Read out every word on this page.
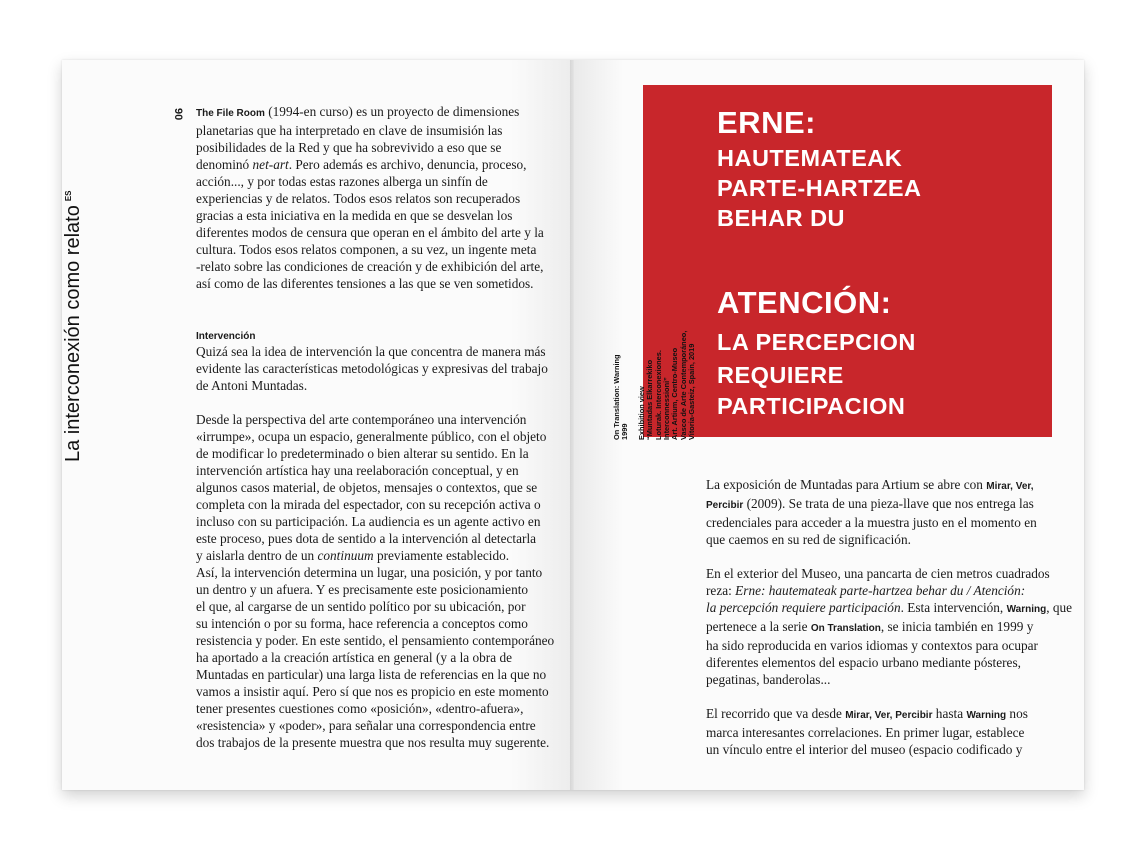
La interconexión como relato$^{ES}$
90 The File Room (1994-en curso) es un proyecto de dimensiones

planetarias que ha interpretado en clave de insumisión las

posibilidades de la Red y que ha sobrevivido a eso que se

denominó net-art. Pero además es archivo, denuncia, proceso,

acción..., y por todas estas razones alberga un sinfín de

experiencias y de relatos. Todos esos relatos son recuperados

gracias a esta iniciativa en la medida en que se desvelan los

diferentes modos de censura que operan en el ámbito del arte y la

cultura. Todos esos relatos componen, a su vez, un ingente meta

-relato sobre las condiciones de creación y de exhibición del arte,

así como de las diferentes tensiones a las que se ven sometidos.

Intervención

Quizá sea la idea de intervención la que concentra de manera más

evidente las características metodológicas y expresivas del trabajo

de Antoni Muntadas.

Desde la perspectiva del arte contemporáneo una intervención

«irrumpe», ocupa un espacio, generalmente público, con el objeto

de modificar lo predeterminado o bien alterar su sentido. En la

intervención artística hay una reelaboración conceptual, y en

algunos casos material, de objetos, mensajes o contextos, que se

completa con la mirada del espectador, con su recepción activa o

incluso con su participación. La audiencia es un agente activo en

este proceso, pues dota de sentido a la intervención al detectarla

y aislarla dentro de un continuum previamente establecido.

Así, la intervención determina un lugar, una posición, y por tanto

un dentro y un afuera. Y es precisamente este posicionamiento

el que, al cargarse de un sentido político por su ubicación, por

su intención o por su forma, hace referencia a conceptos como

resistencia y poder. En este sentido, el pensamiento contemporáneo

ha aportado a la creación artística en general (y a la obra de

Muntadas en particular) una larga lista de referencias en la que no

vamos a insistir aquí. Pero sí que nos es propicio en este momento

tener presentes cuestiones como «posición», «dentro-afuera»,

«resistencia» y «poder», para señalar una correspondencia entre

dos trabajos de la presente muestra que nos resulta muy sugerente.

ERNE:
HAUTEMATEAK
PARTE-HARTZEA
BEHAR DU
ATENCIÓN:
LA PERCEPCION
REQUIERE
PARTICIPACION

On Translation: Warning 1999 Exhibition view “Muntadas Elkarrekiko Loturak. Interconexiones. Interconnessioni” Art. Artium, Centro-Museo Vasco de Arte Contemporáneo, Vitoria-Gasteiz, Spain, 2019

La exposición de Muntadas para Artium se abre con Mirar, Ver,

Percibir (2009). Se trata de una pieza-llave que nos entrega las

credenciales para acceder a la muestra justo en el momento en

que caemos en su red de significación.

En el exterior del Museo, una pancarta de cien metros cuadrados

reza: Erne: hautemateak parte-hartzea behar du / Atención:

la percepción requiere participación. Esta intervención, Warning, que

pertenece a la serie On Translation, se inicia también en 1999 y

ha sido reproducida en varios idiomas y contextos para ocupar

diferentes elementos del espacio urbano mediante pósteres,

pegatinas, banderolas...

El recorrido que va desde Mirar, Ver, Percibir hasta Warning nos

marca interesantes correlaciones. En primer lugar, establece

un vínculo entre el interior del museo (espacio codificado y
